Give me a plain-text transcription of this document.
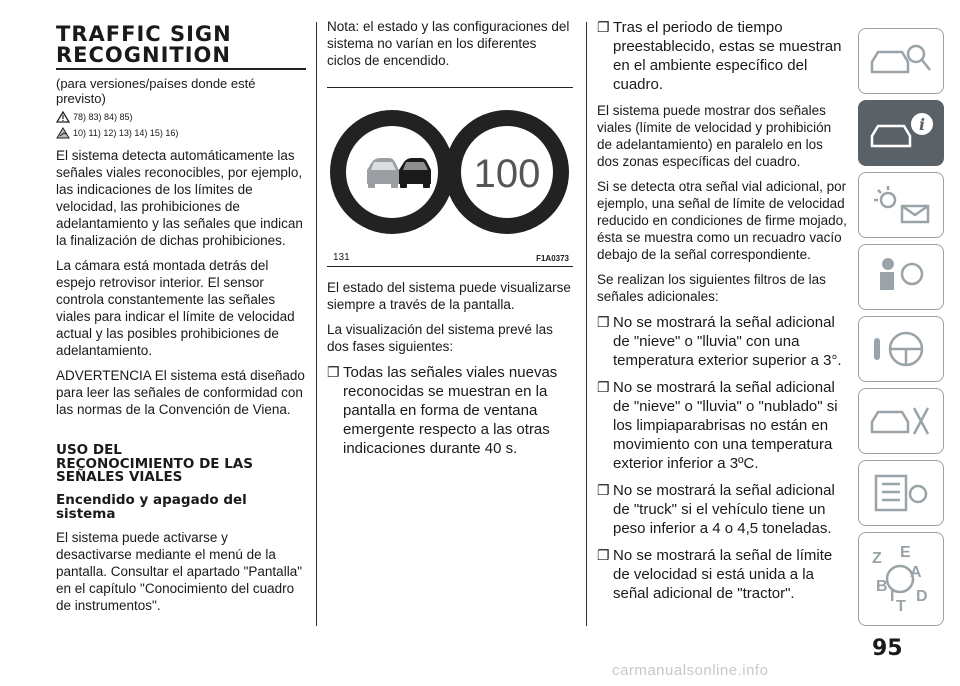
TRAFFIC SIGN
RECOGNITION

(para versiones/países donde esté previsto)

78) 83) 84) 85)
10) 11) 12) 13) 14) 15) 16)

El sistema detecta automáticamente las señales viales reconocibles, por ejemplo, las indicaciones de los límites de velocidad, las prohibiciones de adelantamiento y las señales que indican la finalización de dichas prohibiciones.

La cámara está montada detrás del espejo retrovisor interior. El sensor controla constantemente las señales viales para indicar el límite de velocidad actual y las posibles prohibiciones de adelantamiento.

ADVERTENCIA El sistema está diseñado para leer las señales de conformidad con las normas de la Convención de Viena.

USO DEL
RECONOCIMIENTO DE LAS
SEÑALES VIALES
Encendido y apagado del
sistema

El sistema puede activarse y desactivarse mediante el menú de la pantalla. Consultar el apartado "Pantalla" en el capítulo "Conocimiento del cuadro de instrumentos".

Nota: el estado y las configuraciones del sistema no varían en los diferentes ciclos de encendido.

100
131	F1A0373

El estado del sistema puede visualizarse siempre a través de la pantalla.

La visualización del sistema prevé las dos fases siguientes:

❐ Todas las señales viales nuevas reconocidas se muestran en la pantalla en forma de ventana emergente respecto a las otras indicaciones durante 40 s.
❐ Tras el periodo de tiempo preestablecido, estas se muestran en el ambiente específico del cuadro.

El sistema puede mostrar dos señales viales (límite de velocidad y prohibición de adelantamiento) en paralelo en los dos zonas específicas del cuadro.

Si se detecta otra señal vial adicional, por ejemplo, una señal de límite de velocidad reducido en condiciones de firme mojado, ésta se muestra como un recuadro vacío debajo de la señal correspondiente.

Se realizan los siguientes filtros de las señales adicionales:

❐ No se mostrará la señal adicional de "nieve" o "lluvia" con una temperatura exterior superior a 3°.
❐ No se mostrará la señal adicional de "nieve" o "lluvia" o "nublado" si los limpiaparabrisas no están en movimiento con una temperatura exterior inferior a 3ºC.
❐ No se mostrará la señal adicional de "truck" si el vehículo tiene un peso inferior a 4 o 4,5 toneladas.
❐ No se mostrará la señal de límite de velocidad si está unida a la señal adicional de "tractor".
i
Z E
A
B
I
T
D
95
carmanualsonline.info
